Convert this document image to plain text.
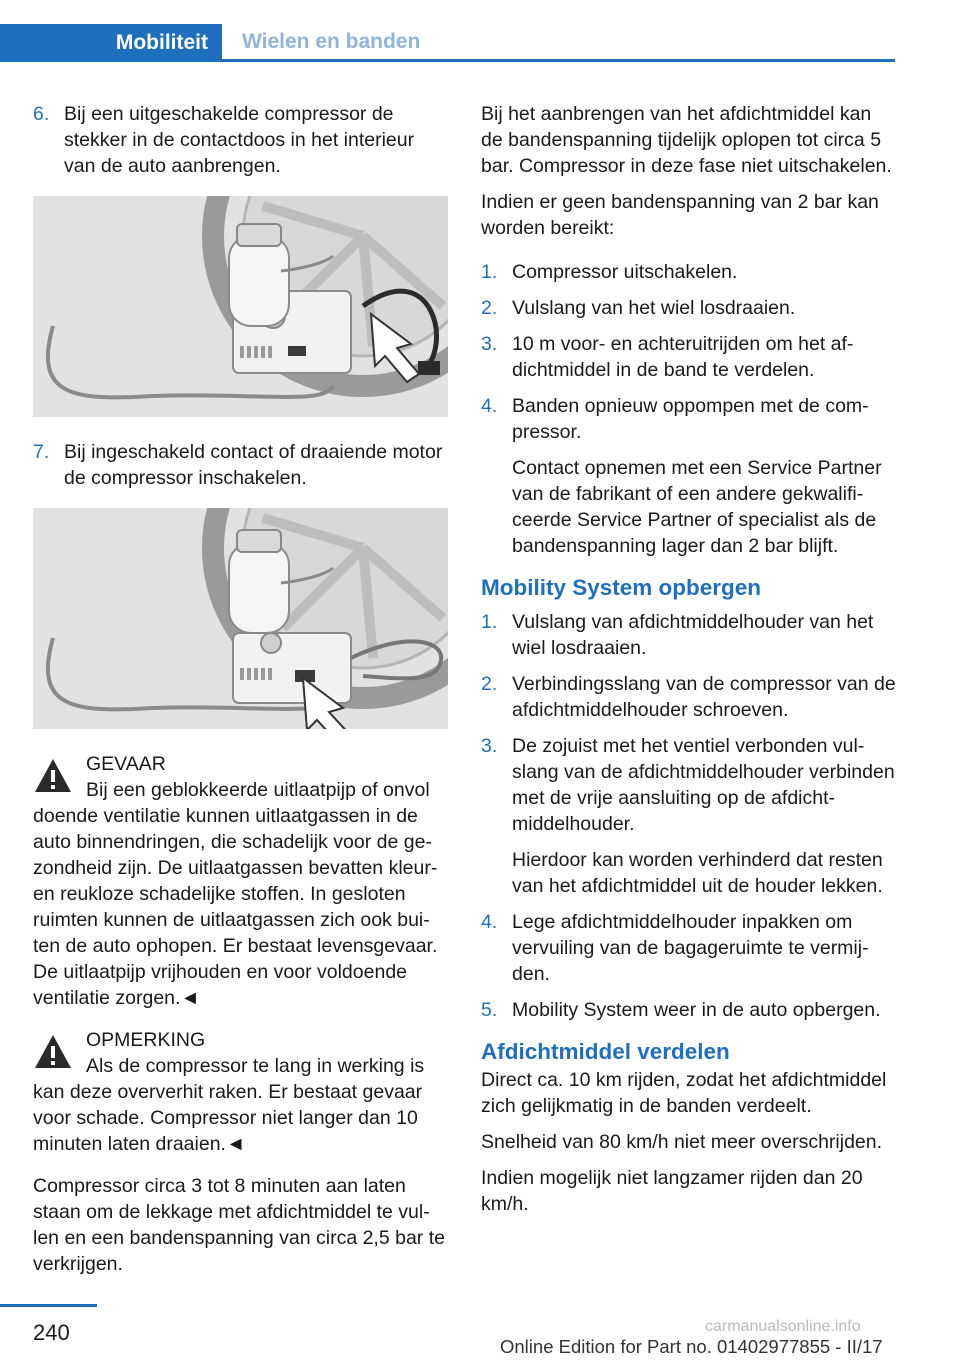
Mobiliteit	Wielen en banden
6. Bij een uitgeschakelde compressor de stekker in de contactdoos in het interieur van de auto aanbrengen.
7. Bij ingeschakeld contact of draaiende motor de compressor inschakelen.
GEVAAR
Bij een geblokkeerde uitlaatpijp of onvol
doende ventilatie kunnen uitlaatgassen in de auto binnendringen, die schadelijk voor de gezondheid zijn. De uitlaatgassen bevatten kleur- en reukloze schadelijke stoffen. In gesloten ruimten kunnen de uitlaatgassen zich ook buiten de auto ophopen. Er bestaat levensgevaar. De uitlaatpijp vrijhouden en voor voldoende ventilatie zorgen.◄
OPMERKING
Als de compressor te lang in werking is
kan deze oververhit raken. Er bestaat gevaar voor schade. Compressor niet langer dan 10 minuten laten draaien.◄
Compressor circa 3 tot 8 minuten aan laten staan om de lekkage met afdichtmiddel te vullen en een bandenspanning van circa 2,5 bar te verkrijgen.
Bij het aanbrengen van het afdichtmiddel kan de bandenspanning tijdelijk oplopen tot circa 5 bar. Compressor in deze fase niet uitschakelen.
Indien er geen bandenspanning van 2 bar kan worden bereikt:
1. Compressor uitschakelen.
2. Vulslang van het wiel losdraaien.
3. 10 m voor- en achteruitrijden om het afdichtmiddel in de band te verdelen.
4. Banden opnieuw oppompen met de compressor.

Contact opnemen met een Service Partner van de fabrikant of een andere gekwalificeerde Service Partner of specialist als de bandenspanning lager dan 2 bar blijft.

Mobility System opbergen
1. Vulslang van afdichtmiddelhouder van het wiel losdraaien.
2. Verbindingsslang van de compressor van de afdichtmiddelhouder schroeven.
3. De zojuist met het ventiel verbonden vulslang van de afdichtmiddelhouder verbinden met de vrije aansluiting op de afdichtmiddelhouder.

Hierdoor kan worden verhinderd dat resten van het afdichtmiddel uit de houder lekken.

4. Lege afdichtmiddelhouder inpakken om vervuiling van de bagageruimte te vermijden.
5. Mobility System weer in de auto opbergen.
Afdichtmiddel verdelen
Direct ca. 10 km rijden, zodat het afdichtmiddel zich gelijkmatig in de banden verdeelt.
Snelheid van 80 km/h niet meer overschrijden.
Indien mogelijk niet langzamer rijden dan 20 km/h.
240
Online Edition for Part no. 01402977855 - II/17
carmanualsonline.info
